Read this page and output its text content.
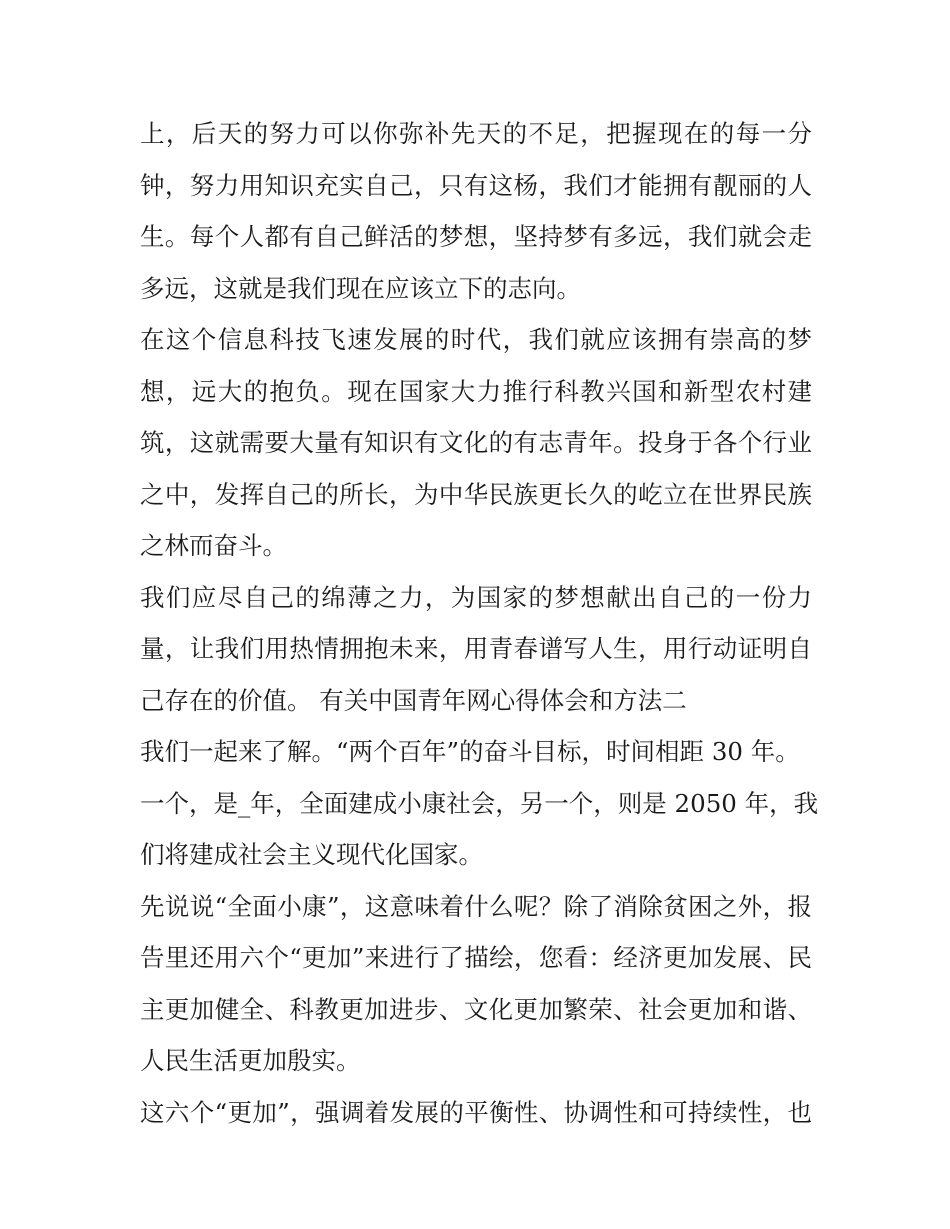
上，后天的努力可以你弥补先天的不足，把握现在的每一分
钟，努力用知识充实自己，只有这杨，我们才能拥有靓丽的人
生。每个人都有自己鲜活的梦想，坚持梦有多远，我们就会走
多远，这就是我们现在应该立下的志向。
在这个信息科技飞速发展的时代，我们就应该拥有崇高的梦
想，远大的抱负。现在国家大力推行科教兴国和新型农村建
筑，这就需要大量有知识有文化的有志青年。投身于各个行业
之中，发挥自己的所长，为中华民族更长久的屹立在世界民族
之林而奋斗。
我们应尽自己的绵薄之力，为国家的梦想献出自己的一份力
量，让我们用热情拥抱未来，用青春谱写人生，用行动证明自
己存在的价值。 有关中国青年网心得体会和方法二
我们一起来了解。“两个百年”的奋斗目标，时间相距 30 年。
一个，是_年，全面建成小康社会，另一个，则是 2050 年，我
们将建成社会主义现代化国家。
先说说“全面小康”，这意味着什么呢？除了消除贫困之外，报
告里还用六个“更加”来进行了描绘，您看：经济更加发展、民
主更加健全、科教更加进步、文化更加繁荣、社会更加和谐、
人民生活更加殷实。
这六个“更加”，强调着发展的平衡性、协调性和可持续性，也
